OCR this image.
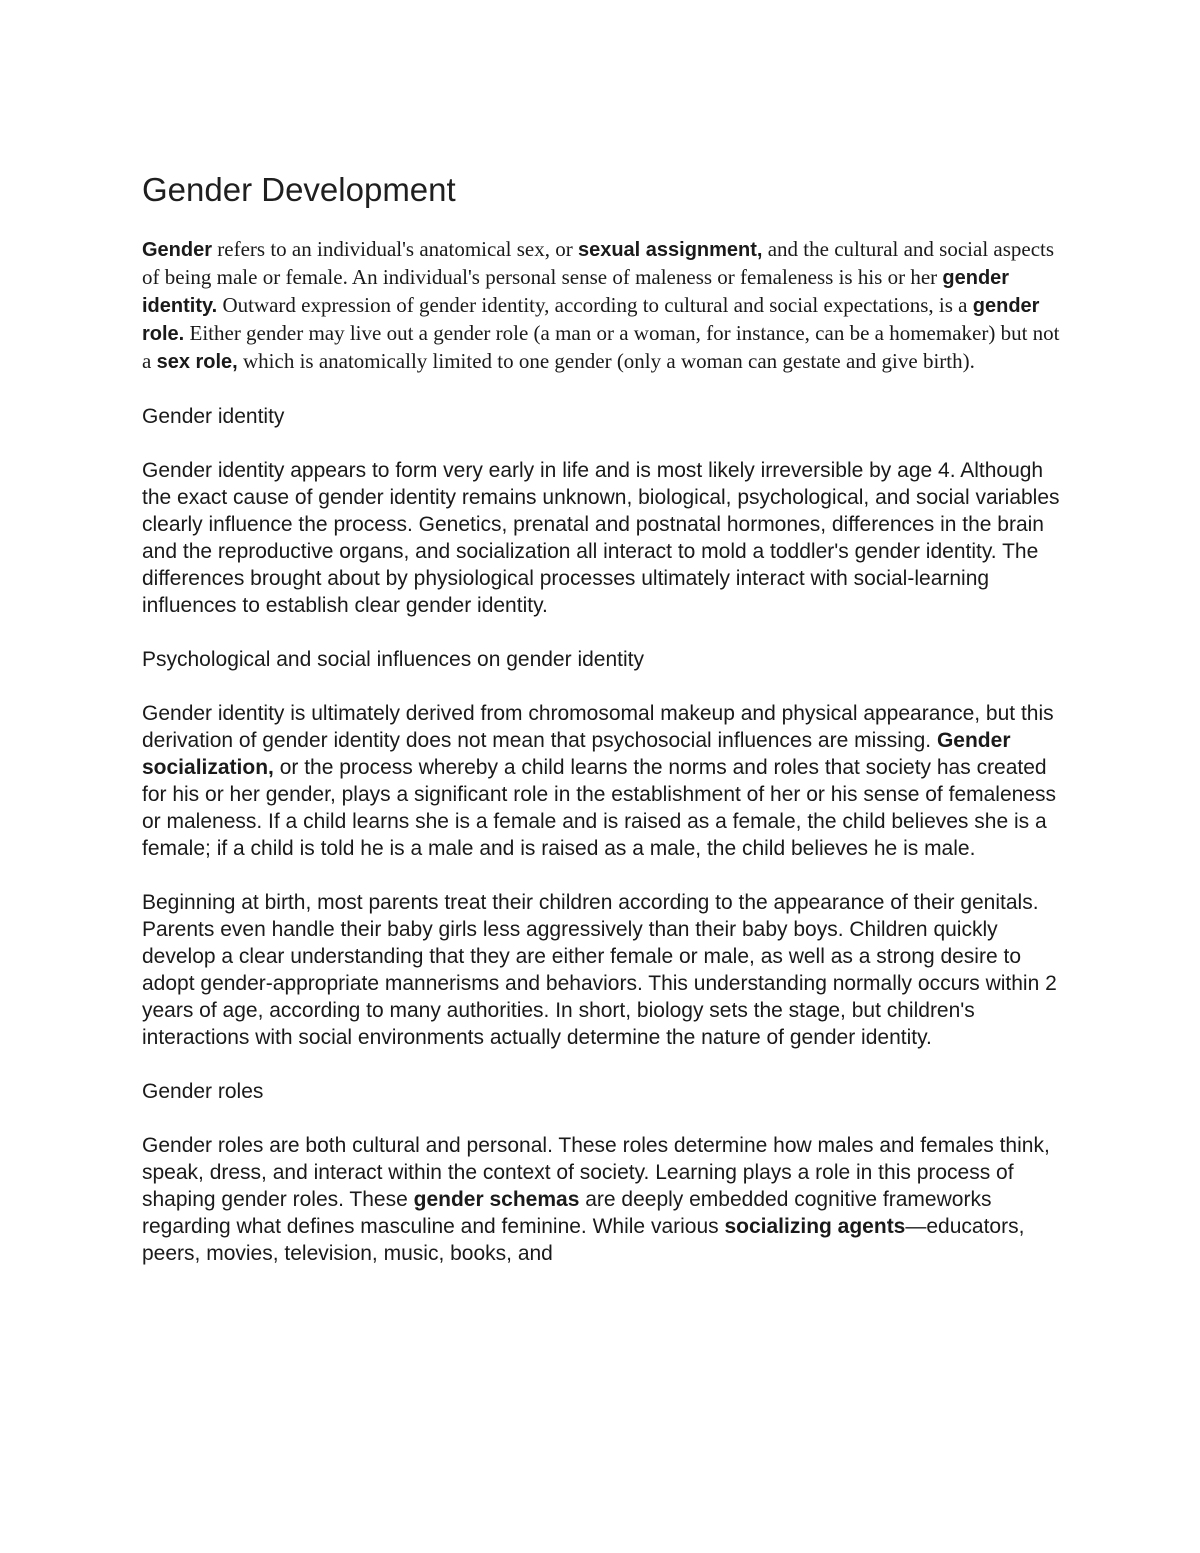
Gender Development

Gender refers to an individual's anatomical sex, or sexual assignment, and the cultural and social aspects of being male or female. An individual's personal sense of maleness or femaleness is his or her gender identity. Outward expression of gender identity, according to cultural and social expectations, is a gender role. Either gender may live out a gender role (a man or a woman, for instance, can be a homemaker) but not a sex role, which is anatomically limited to one gender (only a woman can gestate and give birth).

Gender identity

Gender identity appears to form very early in life and is most likely irreversible by age 4. Although the exact cause of gender identity remains unknown, biological, psychological, and social variables clearly influence the process. Genetics, prenatal and postnatal hormones, differences in the brain and the reproductive organs, and socialization all interact to mold a toddler's gender identity. The differences brought about by physiological processes ultimately interact with social-learning influences to establish clear gender identity.

Psychological and social influences on gender identity

Gender identity is ultimately derived from chromosomal makeup and physical appearance, but this derivation of gender identity does not mean that psychosocial influences are missing. Gender socialization, or the process whereby a child learns the norms and roles that society has created for his or her gender, plays a significant role in the establishment of her or his sense of femaleness or maleness. If a child learns she is a female and is raised as a female, the child believes she is a female; if a child is told he is a male and is raised as a male, the child believes he is male.

Beginning at birth, most parents treat their children according to the appearance of their genitals. Parents even handle their baby girls less aggressively than their baby boys. Children quickly develop a clear understanding that they are either female or male, as well as a strong desire to adopt gender-appropriate mannerisms and behaviors. This understanding normally occurs within 2 years of age, according to many authorities. In short, biology sets the stage, but children's interactions with social environments actually determine the nature of gender identity.

Gender roles

Gender roles are both cultural and personal. These roles determine how males and females think, speak, dress, and interact within the context of society. Learning plays a role in this process of shaping gender roles. These gender schemas are deeply embedded cognitive frameworks regarding what defines masculine and feminine. While various socializing agents—educators, peers, movies, television, music, books, and
